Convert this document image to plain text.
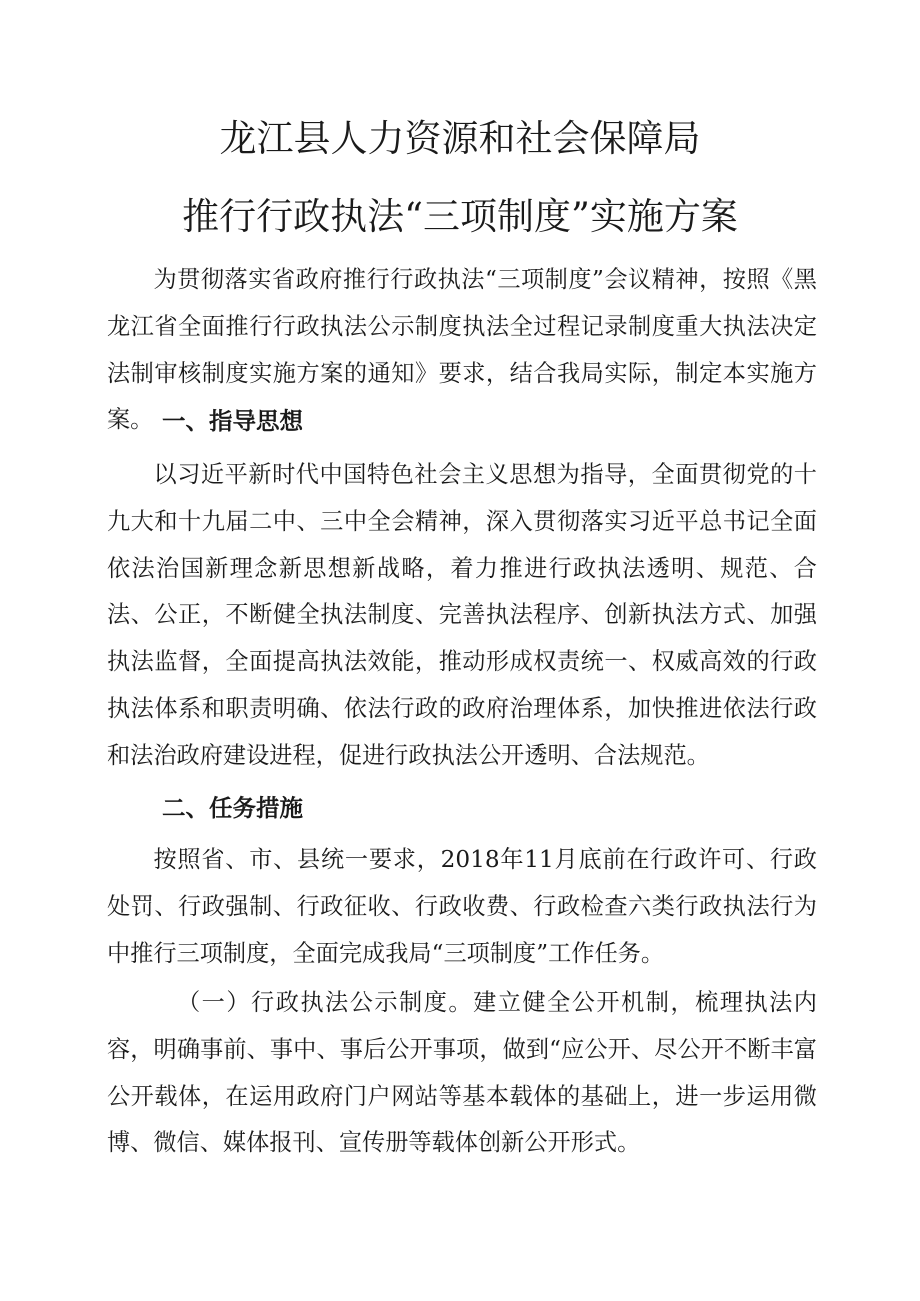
龙江县人力资源和社会保障局
推行行政执法“三项制度”实施方案

为贯彻落实省政府推行行政执法“三项制度”会议精神，按照《黑龙江省全面推行行政执法公示制度执法全过程记录制度重大执法决定法制审核制度实施方案的通知》要求，结合我局实际，制定本实施方案。 一、指导思想

以习近平新时代中国特色社会主义思想为指导，全面贯彻党的十九大和十九届二中、三中全会精神，深入贯彻落实习近平总书记全面依法治国新理念新思想新战略，着力推进行政执法透明、规范、合法、公正，不断健全执法制度、完善执法程序、创新执法方式、加强执法监督，全面提高执法效能，推动形成权责统一、权威高效的行政执法体系和职责明确、依法行政的政府治理体系，加快推进依法行政和法治政府建设进程，促进行政执法公开透明、合法规范。

二、任务措施

按照省、市、县统一要求，2018年11月底前在行政许可、行政处罚、行政强制、行政征收、行政收费、行政检查六类行政执法行为中推行三项制度，全面完成我局“三项制度”工作任务。

（一）行政执法公示制度。建立健全公开机制，梳理执法内容，明确事前、事中、事后公开事项，做到“应公开、尽公开不断丰富公开载体，在运用政府门户网站等基本载体的基础上，进一步运用微博、微信、媒体报刊、宣传册等载体创新公开形式。
